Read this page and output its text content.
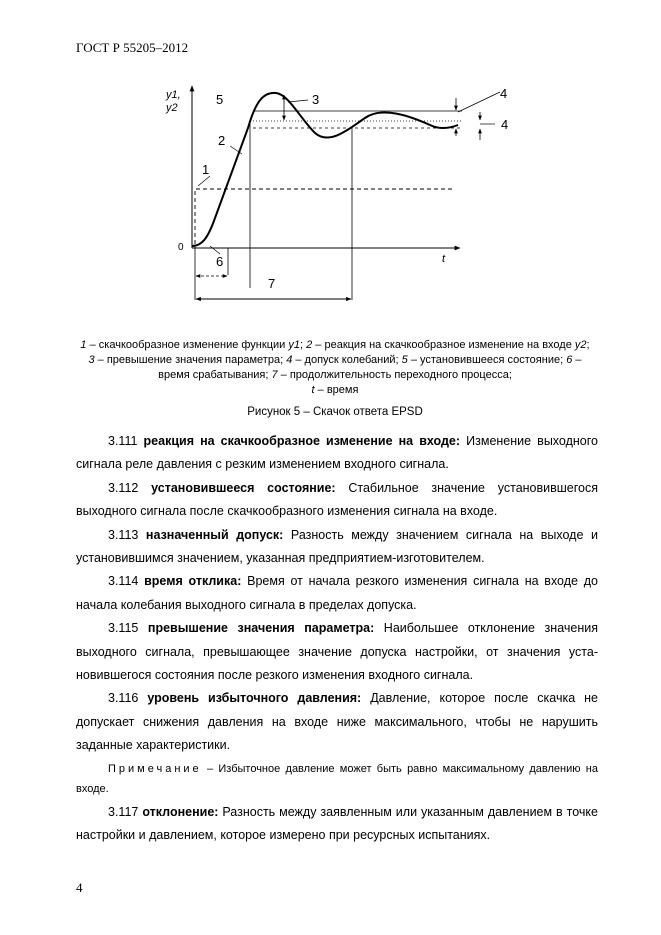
ГОСТ Р 55205–2012
y1,
y2
0
t
1
2
3	4
4
5
6
7
1 – скачкообразное изменение функции y1; 2 – реакция на скачкообразное изменение на входе y2; 3 – превышение значения параметра; 4 – допуск колебаний; 5 – установившееся состояние; 6 – время срабатывания; 7 – продолжительность переходного процесса;
t – время
Рисунок 5 – Скачок ответа EPSD

3.111 реакция на скачкообразное изменение на входе: Изменение выходного сигнала реле давления с резким изменением входного сигнала.

3.112 установившееся состояние: Стабильное значение установившегося выходного сигнала после скачкообразного изменения сигнала на входе.

3.113 назначенный допуск: Разность между значением сигнала на выходе и установившимся значением, указанная предприятием-изготовителем.

3.114 время отклика: Время от начала резкого изменения сигнала на входе до начала колебания выходного сигнала в пределах допуска.

3.115 превышение значения параметра: Наибольшее отклонение значения выходного сигнала, превышающее значение допуска настройки, от значения установившегося состояния после резкого изменения входного сигнала.

3.116 уровень избыточного давления: Давление, которое после скачка не допускает снижения давления на входе ниже максимального, чтобы не нарушить заданные характеристики.

Примечание – Избыточное давление может быть равно максимальному давлению на входе.

3.117 отклонение: Разность между заявленным или указанным давлением в точке настройки и давлением, которое измерено при ресурсных испытаниях.

4
